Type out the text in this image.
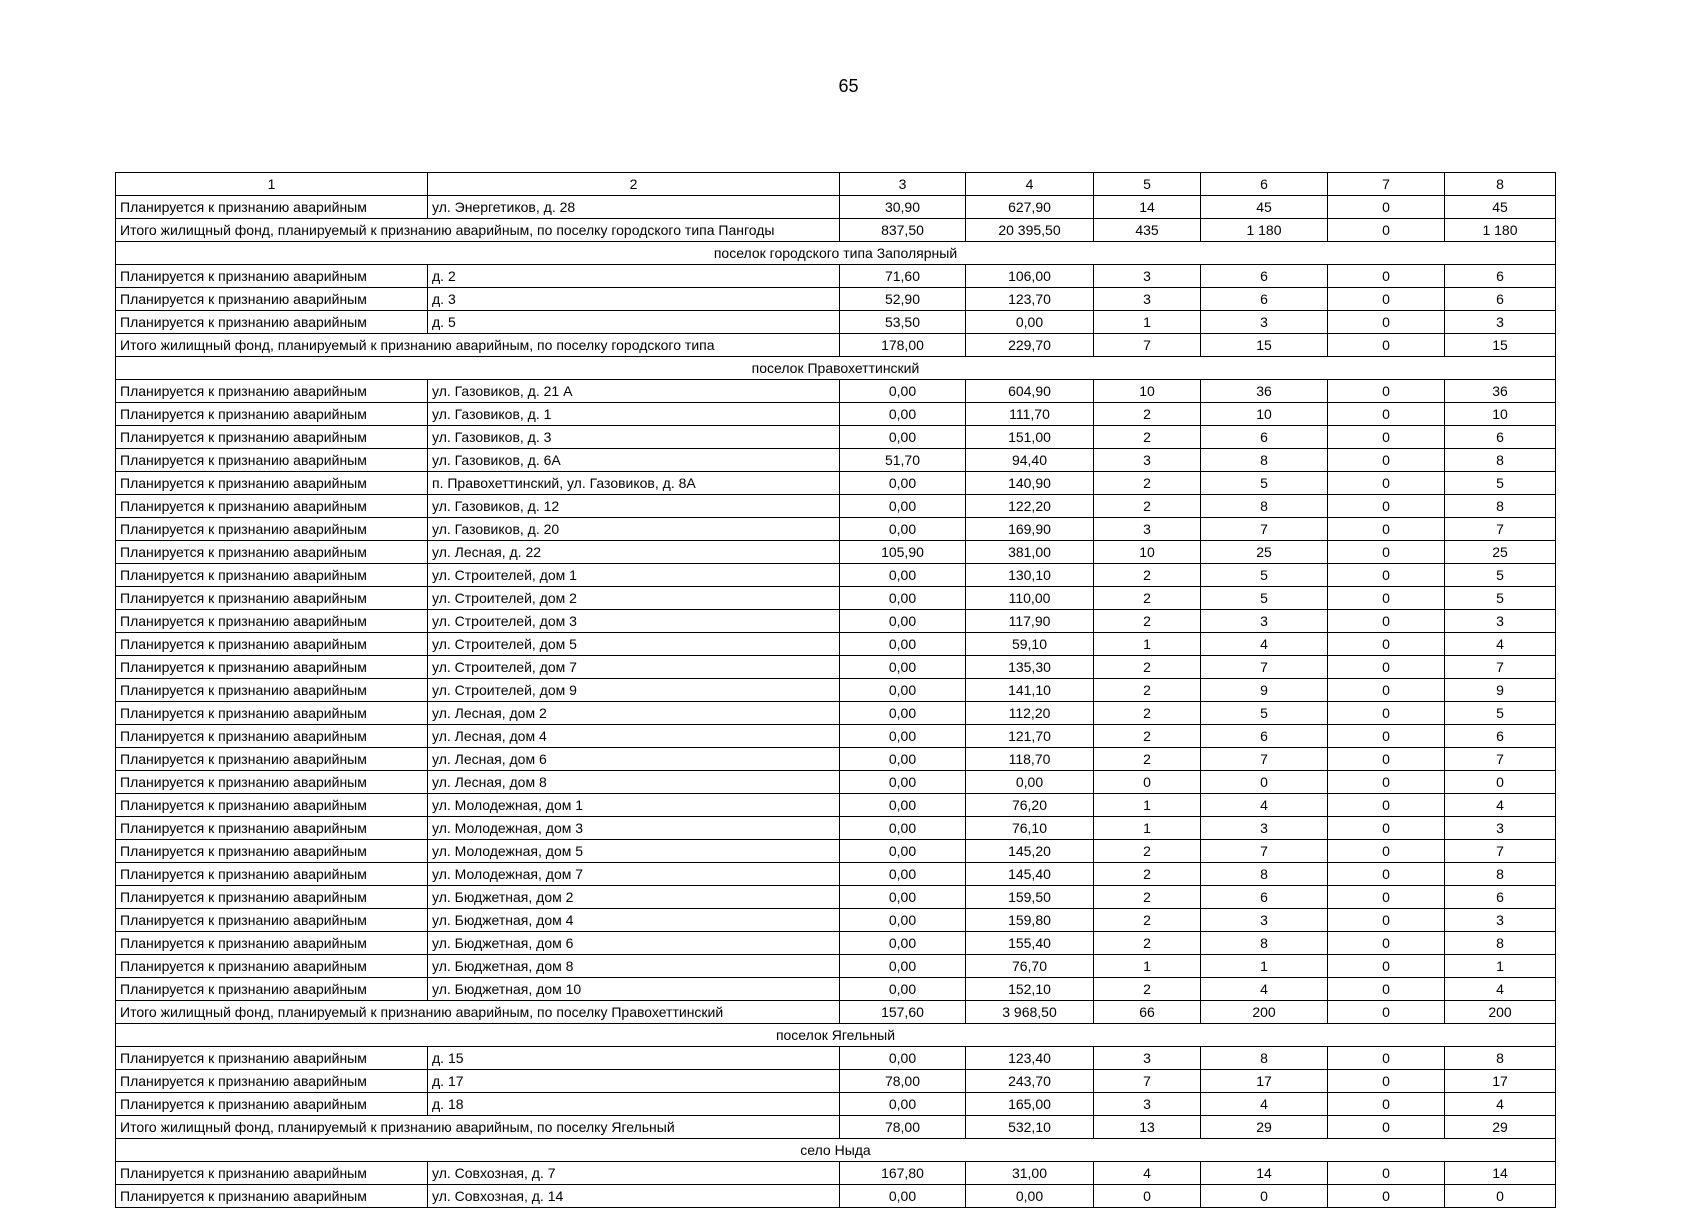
65
1	2	3	4	5	6	7	8
Планируется к признанию аварийным	ул. Энергетиков, д. 28	30,90	627,90	14	45	0	45
Итого жилищный фонд, планируемый к признанию аварийным, по поселку городского типа Пангоды		837,50	20 395,50	435	1 180	0	1 180
поселок городского типа Заполярный							
Планируется к признанию аварийным	д. 2	71,60	106,00	3	6	0	6
Планируется к признанию аварийным	д. 3	52,90	123,70	3	6	0	6
Планируется к признанию аварийным	д. 5	53,50	0,00	1	3	0	3
Итого жилищный фонд, планируемый к признанию аварийным, по поселку городского типа		178,00	229,70	7	15	0	15
поселок Правохеттинский							
Планируется к признанию аварийным	ул. Газовиков, д. 21 А	0,00	604,90	10	36	0	36
Планируется к признанию аварийным	ул. Газовиков, д. 1	0,00	111,70	2	10	0	10
Планируется к признанию аварийным	ул. Газовиков, д. 3	0,00	151,00	2	6	0	6
Планируется к признанию аварийным	ул. Газовиков, д. 6А	51,70	94,40	3	8	0	8
Планируется к признанию аварийным	п. Правохеттинский, ул. Газовиков, д. 8А	0,00	140,90	2	5	0	5
Планируется к признанию аварийным	ул. Газовиков, д. 12	0,00	122,20	2	8	0	8
Планируется к признанию аварийным	ул. Газовиков, д. 20	0,00	169,90	3	7	0	7
Планируется к признанию аварийным	ул. Лесная, д. 22	105,90	381,00	10	25	0	25
Планируется к признанию аварийным	ул. Строителей, дом 1	0,00	130,10	2	5	0	5
Планируется к признанию аварийным	ул. Строителей, дом 2	0,00	110,00	2	5	0	5
Планируется к признанию аварийным	ул. Строителей, дом 3	0,00	117,90	2	3	0	3
Планируется к признанию аварийным	ул. Строителей, дом 5	0,00	59,10	1	4	0	4
Планируется к признанию аварийным	ул. Строителей, дом 7	0,00	135,30	2	7	0	7
Планируется к признанию аварийным	ул. Строителей, дом 9	0,00	141,10	2	9	0	9
Планируется к признанию аварийным	ул. Лесная, дом 2	0,00	112,20	2	5	0	5
Планируется к признанию аварийным	ул. Лесная, дом 4	0,00	121,70	2	6	0	6
Планируется к признанию аварийным	ул. Лесная, дом 6	0,00	118,70	2	7	0	7
Планируется к признанию аварийным	ул. Лесная, дом 8	0,00	0,00	0	0	0	0
Планируется к признанию аварийным	ул. Молодежная, дом 1	0,00	76,20	1	4	0	4
Планируется к признанию аварийным	ул. Молодежная, дом 3	0,00	76,10	1	3	0	3
Планируется к признанию аварийным	ул. Молодежная, дом 5	0,00	145,20	2	7	0	7
Планируется к признанию аварийным	ул. Молодежная, дом 7	0,00	145,40	2	8	0	8
Планируется к признанию аварийным	ул. Бюджетная, дом 2	0,00	159,50	2	6	0	6
Планируется к признанию аварийным	ул. Бюджетная, дом 4	0,00	159,80	2	3	0	3
Планируется к признанию аварийным	ул. Бюджетная, дом 6	0,00	155,40	2	8	0	8
Планируется к признанию аварийным	ул. Бюджетная, дом 8	0,00	76,70	1	1	0	1
Планируется к признанию аварийным	ул. Бюджетная, дом 10	0,00	152,10	2	4	0	4
Итого жилищный фонд, планируемый к признанию аварийным, по поселку Правохеттинский		157,60	3 968,50	66	200	0	200
поселок Ягельный							
Планируется к признанию аварийным	д. 15	0,00	123,40	3	8	0	8
Планируется к признанию аварийным	д. 17	78,00	243,70	7	17	0	17
Планируется к признанию аварийным	д. 18	0,00	165,00	3	4	0	4
Итого жилищный фонд, планируемый к признанию аварийным, по поселку Ягельный		78,00	532,10	13	29	0	29
село Ныда							
Планируется к признанию аварийным	ул. Совхозная, д. 7	167,80	31,00	4	14	0	14
Планируется к признанию аварийным	ул. Совхозная, д. 14	0,00	0,00	0	0	0	0
